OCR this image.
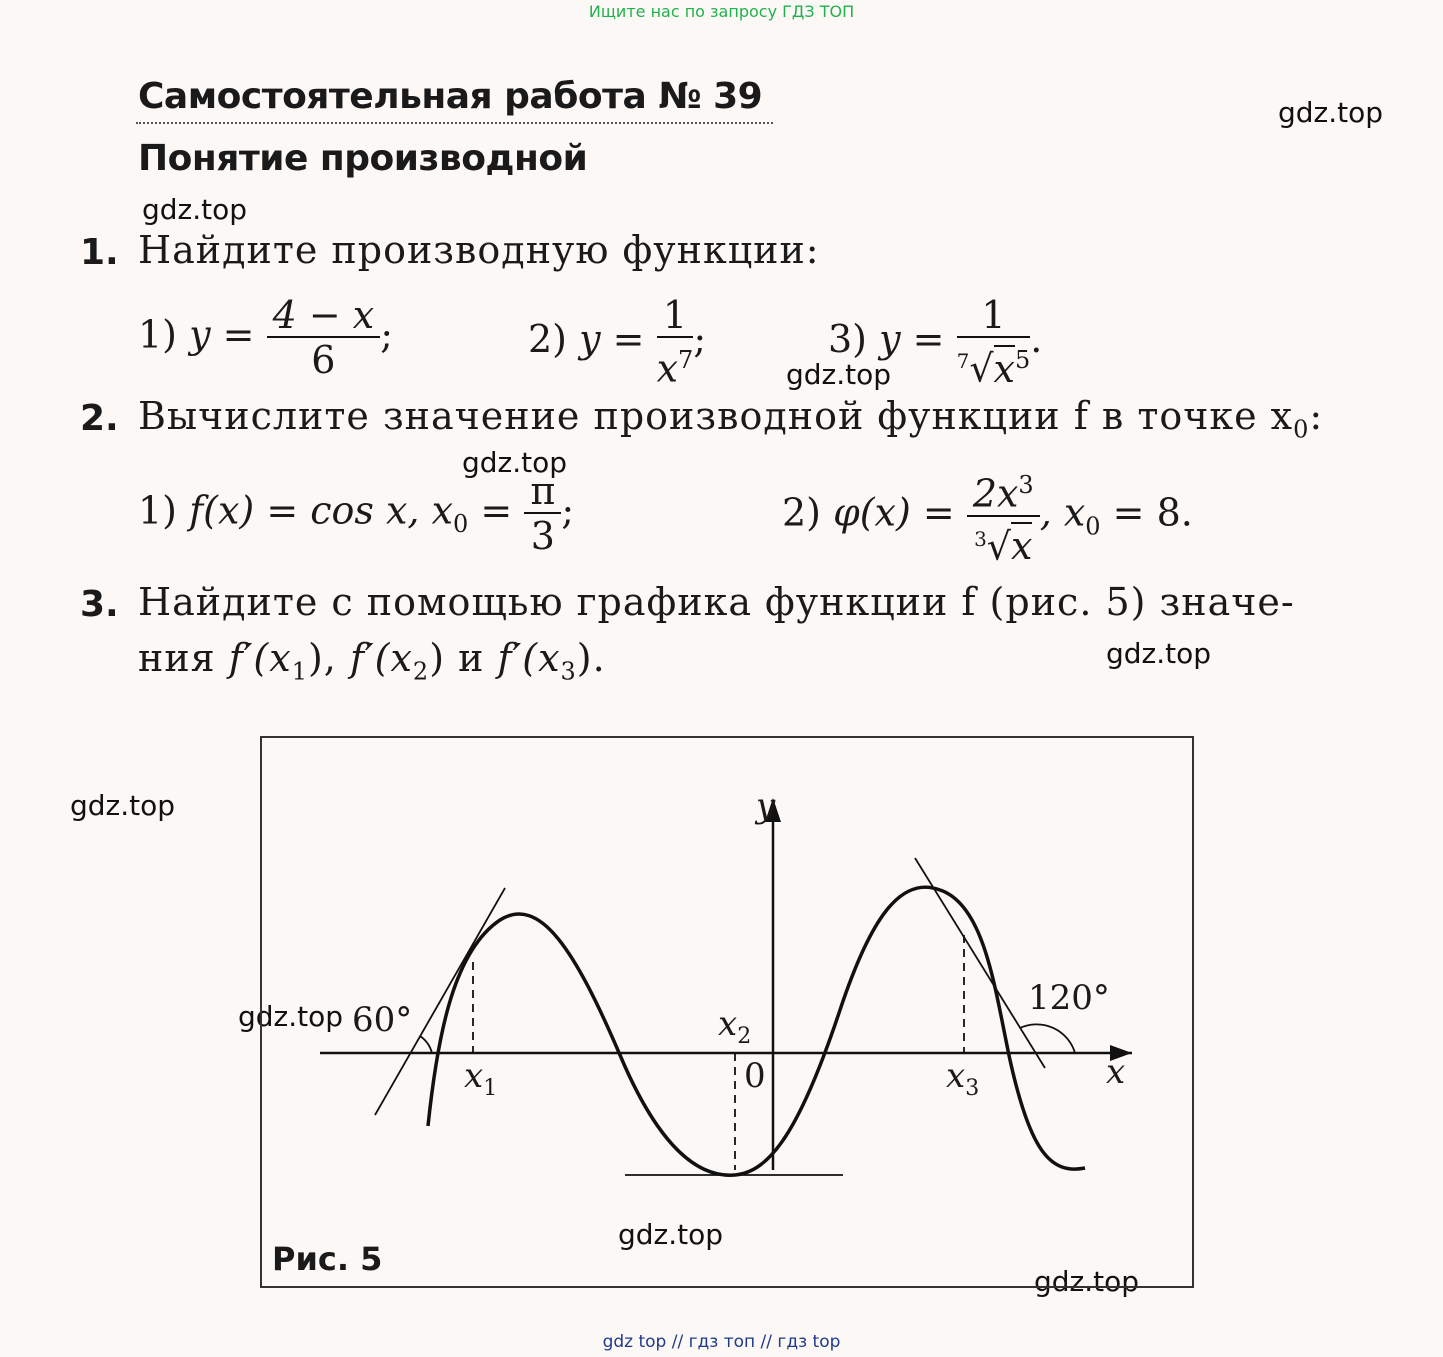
Ищите нас по запросу ГДЗ ТОП
gdz top // гдз топ // гдз top
gdz.top
gdz.top
gdz.top
gdz.top
gdz.top
gdz.top
gdz.top
gdz.top
gdz.top
Самостоятельная работа № 39
Понятие производной
1. Найдите производную функции:
1) $y = \frac{4 - x}{6}$ ;	2) $y = \frac{1}{x^7}$ ;	3) $y = \frac{1}{^7√x^5}$ .
2. Вычислите значение производной функции f в точке $x_0$:
1) f(x) = cos x, $x_0 = \frac{\pi}{3}$ ;	2) $\varphi(x) = \frac{2x^3}{^3√x}$ , $x_0 = 8$.
3. Найдите с помощью графика функции f (рис. 5) значе-
ния $f'(x_1)$, $f'(x_2)$ и $f'(x_3)$.
x
y
0
$x_1$
$x_2$
$x_3$
60°
120°
Рис. 5
